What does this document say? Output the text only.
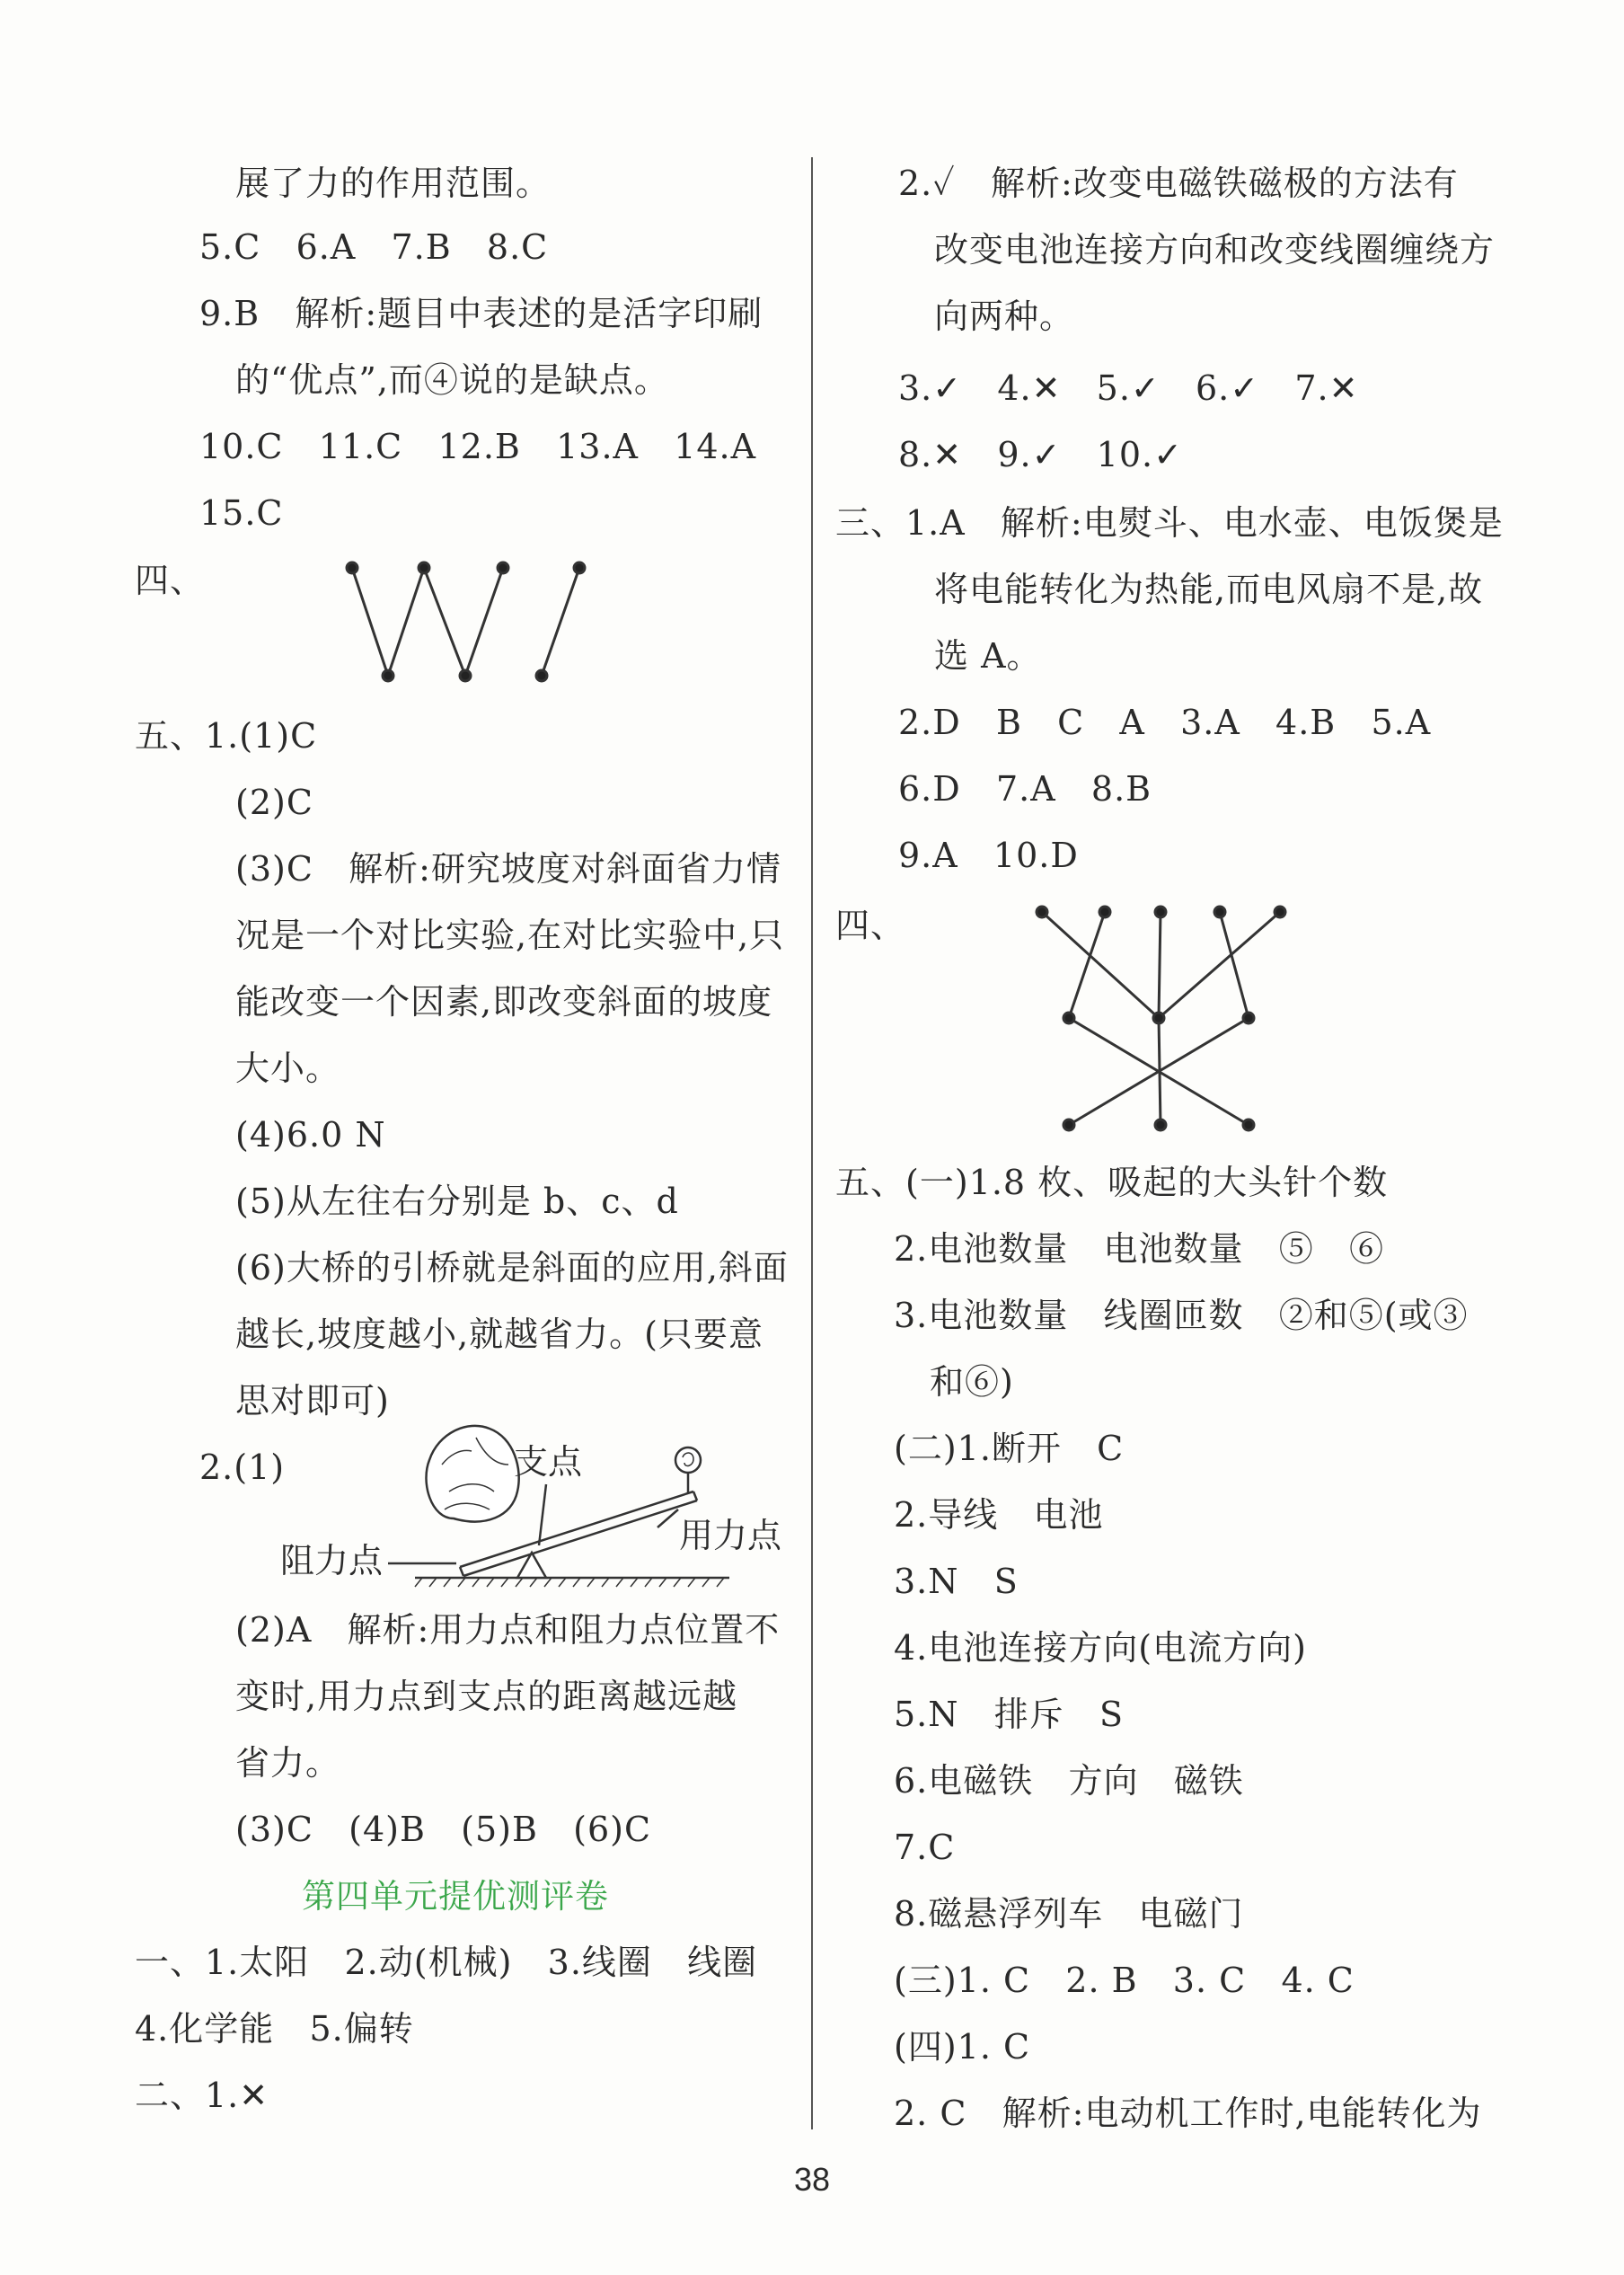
展了力的作用范围。
5.C   6.A   7.B   8.C
9.B   解析:题目中表述的是活字印刷
的“优点”,而④说的是缺点。
10.C   11.C   12.B   13.A   14.A
15.C
四、
五、1.(1)C
(2)C
(3)C   解析:研究坡度对斜面省力情
况是一个对比实验,在对比实验中,只
能改变一个因素,即改变斜面的坡度
大小。
(4)6.0 N
(5)从左往右分别是 b、c、d
(6)大桥的引桥就是斜面的应用,斜面
越长,坡度越小,就越省力。(只要意
思对即可)
2.(1)	支点
用力点
阻力点
(2)A   解析:用力点和阻力点位置不
变时,用力点到支点的距离越远越
省力。
(3)C   (4)B   (5)B   (6)C
第四单元提优测评卷
一、1.太阳   2.动(机械)   3.线圈   线圈
4.化学能   5.偏转
二、1.✕
2.✓   解析:改变电磁铁磁极的方法有
改变电池连接方向和改变线圈缠绕方
向两种。
3.✓   4.✕   5.✓   6.✓   7.✕
8.✕   9.✓   10.✓
三、1.A   解析:电熨斗、电水壶、电饭煲是
将电能转化为热能,而电风扇不是,故
选 A。
2.D   B   C   A   3.A   4.B   5.A
6.D   7.A   8.B
9.A   10.D
四、
五、(一)1.8 枚、吸起的大头针个数
2.电池数量   电池数量   ⑤   ⑥
3.电池数量   线圈匝数   ②和⑤(或③
和⑥)
(二)1.断开   C
2.导线   电池
3.N   S
4.电池连接方向(电流方向)
5.N   排斥   S
6.电磁铁   方向   磁铁
7.C
8.磁悬浮列车   电磁门
(三)1. C   2. B   3. C   4. C
(四)1. C
2. C   解析:电动机工作时,电能转化为
38
